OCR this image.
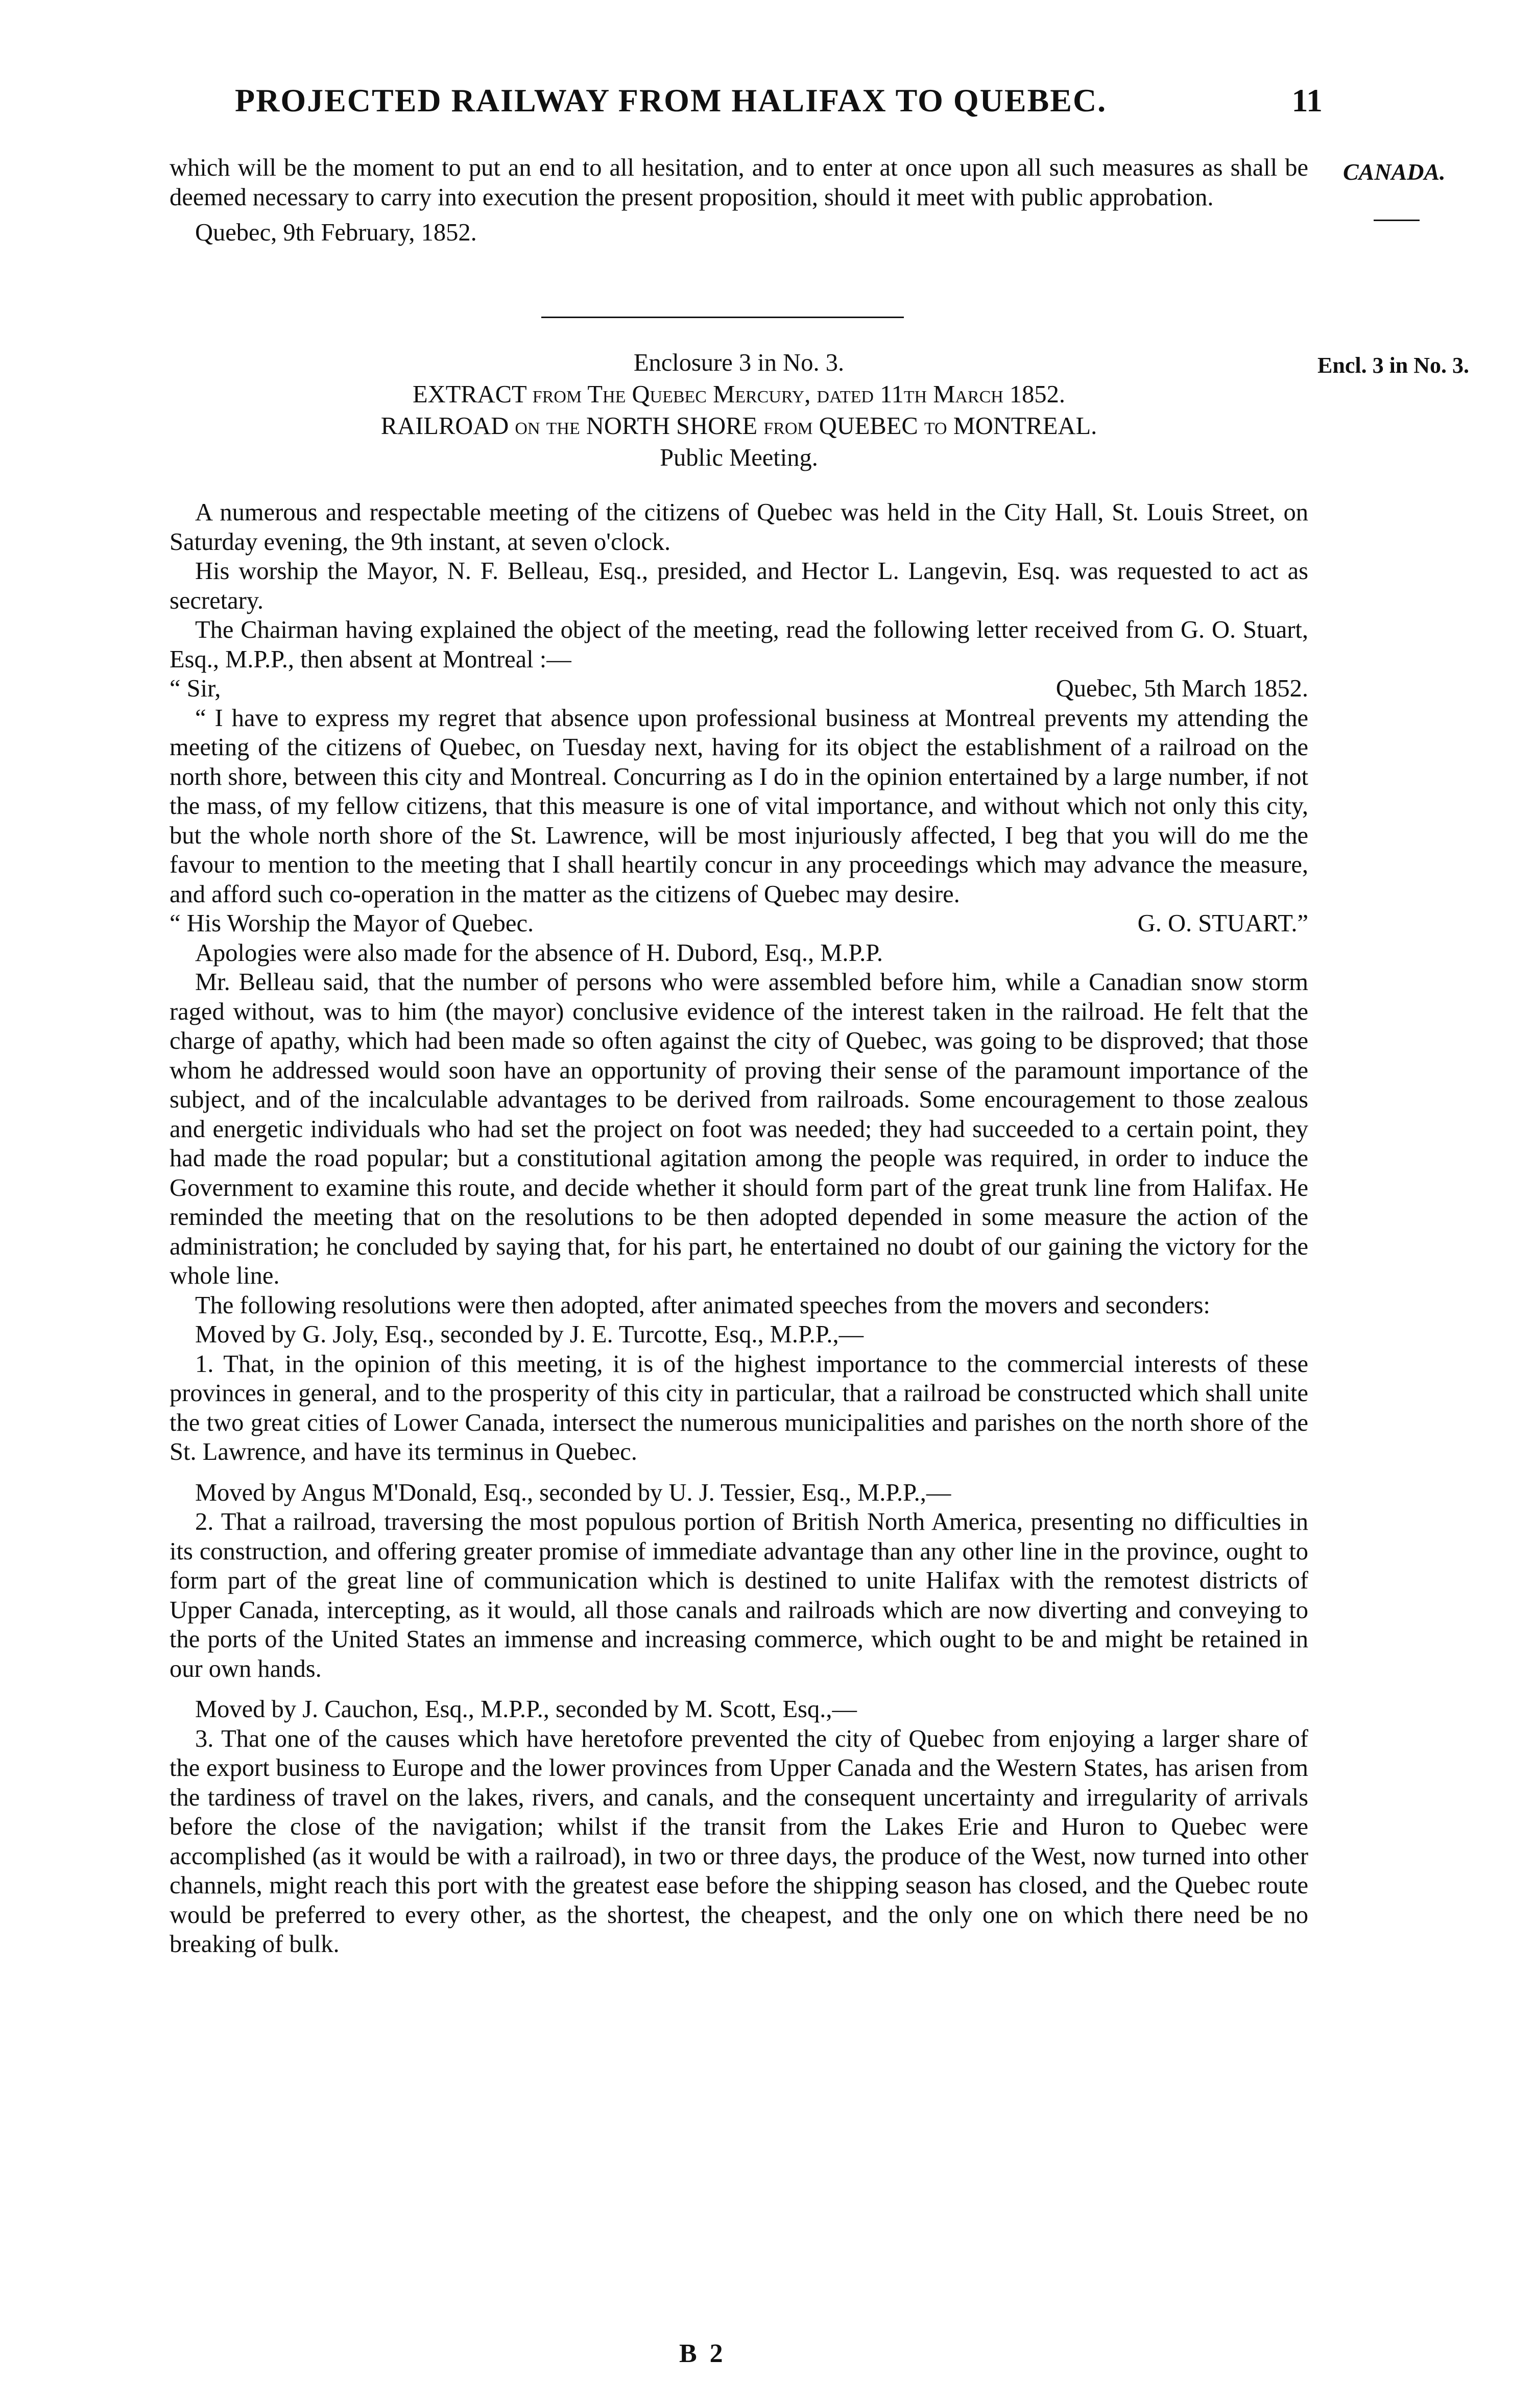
PROJECTED RAILWAY FROM HALIFAX TO QUEBEC.	11
CANADA.
Encl. 3 in No. 3.

which will be the moment to put an end to all hesitation, and to enter at once upon all such measures as shall be deemed necessary to carry into execution the present proposition, should it meet with public approbation.

Quebec, 9th February, 1852.

Enclosure 3 in No. 3.
EXTRACT from The Quebec Mercury, dated 11th March 1852.
RAILROAD on the NORTH SHORE from QUEBEC to MONTREAL.
Public Meeting.

A numerous and respectable meeting of the citizens of Quebec was held in the City Hall, St. Louis Street, on Saturday evening, the 9th instant, at seven o'clock.

His worship the Mayor, N. F. Belleau, Esq., presided, and Hector L. Langevin, Esq. was requested to act as secretary.

The Chairman having explained the object of the meeting, read the following letter received from G. O. Stuart, Esq., M.P.P., then absent at Montreal :—

“ Sir,	Quebec, 5th March 1852.

“ I have to express my regret that absence upon professional business at Montreal prevents my attending the meeting of the citizens of Quebec, on Tuesday next, having for its object the establishment of a railroad on the north shore, between this city and Montreal. Concurring as I do in the opinion entertained by a large number, if not the mass, of my fellow citizens, that this measure is one of vital importance, and without which not only this city, but the whole north shore of the St. Lawrence, will be most injuriously affected, I beg that you will do me the favour to mention to the meeting that I shall heartily concur in any proceedings which may advance the measure, and afford such co-operation in the matter as the citizens of Quebec may desire.

“ His Worship the Mayor of Quebec.	G. O. STUART.”

Apologies were also made for the absence of H. Dubord, Esq., M.P.P.

Mr. Belleau said, that the number of persons who were assembled before him, while a Canadian snow storm raged without, was to him (the mayor) conclusive evidence of the interest taken in the railroad. He felt that the charge of apathy, which had been made so often against the city of Quebec, was going to be disproved; that those whom he addressed would soon have an opportunity of proving their sense of the paramount importance of the subject, and of the incalculable advantages to be derived from railroads. Some encouragement to those zealous and energetic individuals who had set the project on foot was needed; they had succeeded to a certain point, they had made the road popular; but a constitutional agitation among the people was required, in order to induce the Government to examine this route, and decide whether it should form part of the great trunk line from Halifax. He reminded the meeting that on the resolutions to be then adopted depended in some measure the action of the administration; he concluded by saying that, for his part, he entertained no doubt of our gaining the victory for the whole line.

The following resolutions were then adopted, after animated speeches from the movers and seconders:

Moved by G. Joly, Esq., seconded by J. E. Turcotte, Esq., M.P.P.,—

1. That, in the opinion of this meeting, it is of the highest importance to the commercial interests of these provinces in general, and to the prosperity of this city in particular, that a railroad be constructed which shall unite the two great cities of Lower Canada, intersect the numerous municipalities and parishes on the north shore of the St. Lawrence, and have its terminus in Quebec.

Moved by Angus M'Donald, Esq., seconded by U. J. Tessier, Esq., M.P.P.,—

2. That a railroad, traversing the most populous portion of British North America, presenting no difficulties in its construction, and offering greater promise of immediate advantage than any other line in the province, ought to form part of the great line of communication which is destined to unite Halifax with the remotest districts of Upper Canada, intercepting, as it would, all those canals and railroads which are now diverting and conveying to the ports of the United States an immense and increasing commerce, which ought to be and might be retained in our own hands.

Moved by J. Cauchon, Esq., M.P.P., seconded by M. Scott, Esq.,—

3. That one of the causes which have heretofore prevented the city of Quebec from enjoying a larger share of the export business to Europe and the lower provinces from Upper Canada and the Western States, has arisen from the tardiness of travel on the lakes, rivers, and canals, and the consequent uncertainty and irregularity of arrivals before the close of the navigation; whilst if the transit from the Lakes Erie and Huron to Quebec were accomplished (as it would be with a railroad), in two or three days, the produce of the West, now turned into other channels, might reach this port with the greatest ease before the shipping season has closed, and the Quebec route would be preferred to every other, as the shortest, the cheapest, and the only one on which there need be no breaking of bulk.

B 2
